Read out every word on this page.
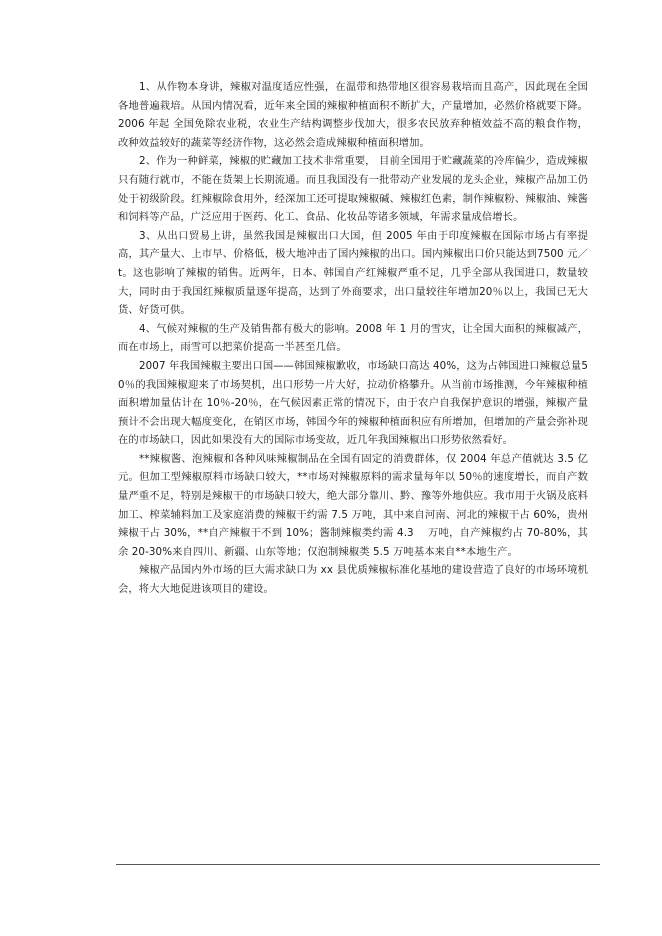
1、从作物本身讲，辣椒对温度适应性强，在温带和热带地区很容易栽培而且高产，因此现在全国各地普遍栽培。从国内情况看，近年来全国的辣椒种植面积不断扩大，产量增加，必然价格就要下降。2006 年起 全国免除农业税，农业生产结构调整步伐加大，很多农民放弃种植效益不高的粮食作物，改种效益较好的蔬菜等经济作物，这必然会造成辣椒种植面积增加。

2、作为一种鲜菜，辣椒的贮藏加工技术非常重要， 目前全国用于贮藏蔬菜的冷库偏少，造成辣椒只有随行就市，不能在货架上长期流通。而且我国没有一批带动产业发展的龙头企业，辣椒产品加工仍处于初级阶段。红辣椒除食用外，经深加工还可提取辣椒碱、辣椒红色素，制作辣椒粉、辣椒油、辣酱和饲料等产品，广泛应用于医药、化工、食品、化妆品等诸多领域，年需求量成倍增长。

3、从出口贸易上讲，虽然我国是辣椒出口大国，但 2005 年由于印度辣椒在国际市场占有率提高，其产量大、上市早、价格低，极大地冲击了国内辣椒的出口。国内辣椒出口价只能达到7500 元／t。这也影响了辣椒的销售。近两年，日本、韩国自产红辣椒严重不足，几乎全部从我国进口，数量较大，同时由于我国红辣椒质量逐年提高，达到了外商要求，出口量较往年增加20％以上，我国已无大货、好货可供。

4、气候对辣椒的生产及销售都有极大的影响。2008 年 1 月的雪灾，让全国大面积的辣椒减产，而在市场上，雨雪可以把菜价提高一半甚至几倍。

2007 年我国辣椒主要出口国——韩国辣椒歉收，市场缺口高达 40%，这为占韩国进口辣椒总量50％的我国辣椒迎来了市场契机，出口形势一片大好，拉动价格攀升。从当前市场推测，今年辣椒种植面积增加量估计在 10％-20％，在气候因素正常的情况下，由于农户自我保护意识的增强，辣椒产量预计不会出现大幅度变化，在销区市场，韩国今年的辣椒种植面积应有所增加，但增加的产量会弥补现在的市场缺口，因此如果没有大的国际市场变故，近几年我国辣椒出口形势依然看好。

**辣椒酱、泡辣椒和各种风味辣椒制品在全国有固定的消费群体，仅 2004 年总产值就达 3.5 亿元。但加工型辣椒原料市场缺口较大，**市场对辣椒原料的需求量每年以 50％的速度增长，而自产数量严重不足，特别是辣椒干的市场缺口较大，绝大部分靠川、黔、豫等外地供应。我市用于火锅及底料加工、榨菜辅料加工及家庭消费的辣椒干约需 7.5 万吨，其中来自河南、河北的辣椒干占 60%，贵州辣椒干占 30%，**自产辣椒干不到 10%；酱制辣椒类约需 4.3　 万吨，自产辣椒约占 70-80%，其余 20-30%来自四川、新疆、山东等地；仅泡制辣椒类 5.5 万吨基本来自**本地生产。

辣椒产品国内外市场的巨大需求缺口为 xx 县优质辣椒标准化基地的建设营造了良好的市场环境机会，将大大地促进该项目的建设。
